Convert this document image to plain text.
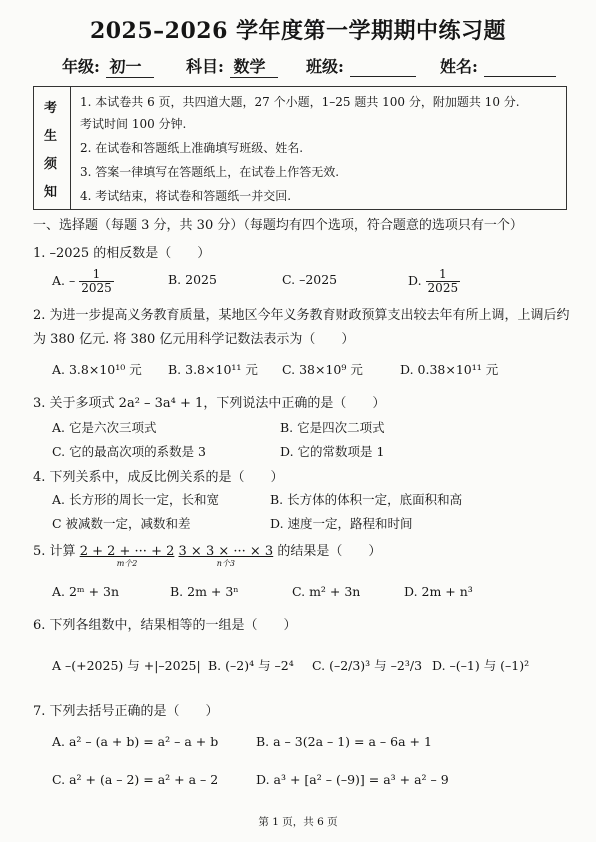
2025–2026 学年度第一学期期中练习题
年级: 初一	科目: 数学	班级:	姓名:
考
生
须
知
1. 本试卷共 6 页，共四道大题，27 个小题，1–25 题共 100 分，附加题共 10 分.
考试时间 100 分钟.
2. 在试卷和答题纸上准确填写班级、姓名.
3. 答案一律填写在答题纸上，在试卷上作答无效.
4. 考试结束，将试卷和答题纸一并交回.
一、选择题（每题 3 分，共 30 分）（每题均有四个选项，符合题意的选项只有一个）
1. –2025 的相反数是（　　）
A. – $\frac{1}{2025}$	B. 2025	C. –2025	D. $\frac{1}{2025}$
2. 为进一步提高义务教育质量，某地区今年义务教育财政预算支出较去年有所上调，上调后约
为 380 亿元. 将 380 亿元用科学记数法表示为（　　）
A. 3.8×10¹⁰ 元 B. 3.8×10¹¹ 元 C. 38×10⁹ 元	D. 0.38×10¹¹ 元
3. 关于多项式 2a² – 3a⁴ + 1，下列说法中正确的是（　　）
A. 它是六次三项式	B. 它是四次二项式
C. 它的最高次项的系数是 3	D. 它的常数项是 1
4. 下列关系中，成反比例关系的是（　　）
A. 长方形的周长一定，长和宽	B. 长方体的体积一定，底面积和高
C 被减数一定，减数和差	D. 速度一定，路程和时间
5. 计算 2 + 2 + ··· + 2
m个2
3 × 3 × ··· × 3
n个3
的结果是（　　）
A. 2ᵐ + 3n	B. 2m + 3ⁿ	C. m² + 3n	D. 2m + n³
6. 下列各组数中，结果相等的一组是（　　）
A –(+2025) 与 +|–2025| B. (–2)⁴ 与 –2⁴ C. (–2/3)³ 与 –2³/3 D. –(–1) 与 (–1)²
7. 下列去括号正确的是（　　）
A. a² – (a + b) = a² – a + b	B. a – 3(2a – 1) = a – 6a + 1
C. a² + (a – 2) = a² + a – 2	D. a³ + [a² – (–9)] = a³ + a² – 9
第 1 页，共 6 页
